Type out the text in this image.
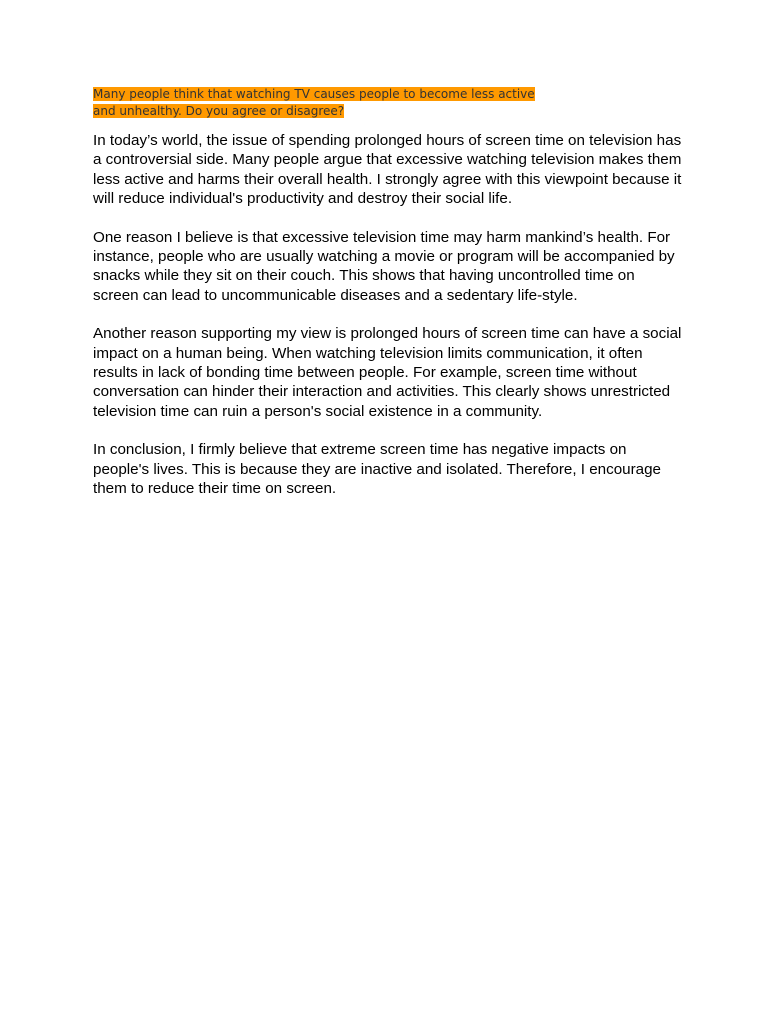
Many people think that watching TV causes people to become less active
and unhealthy. Do you agree or disagree?

In today’s world, the issue of spending prolonged hours of screen time on television has a controversial side. Many people argue that excessive watching television makes them less active and harms their overall health. I strongly agree with this viewpoint because it will reduce individual's productivity and destroy their social life.

One reason I believe is that excessive television time may harm mankind’s health. For instance, people who are usually watching a movie or program will be accompanied by snacks while they sit on their couch. This shows that having uncontrolled time on screen can lead to uncommunicable diseases and a sedentary life-style.

Another reason supporting my view is prolonged hours of screen time can have a social impact on a human being. When watching television limits communication, it often results in lack of bonding time between people. For example, screen time without conversation can hinder their interaction and activities. This clearly shows unrestricted television time can ruin a person's social existence in a community.

In conclusion, I firmly believe that extreme screen time has negative impacts on people's lives. This is because they are inactive and isolated. Therefore, I encourage them to reduce their time on screen.
